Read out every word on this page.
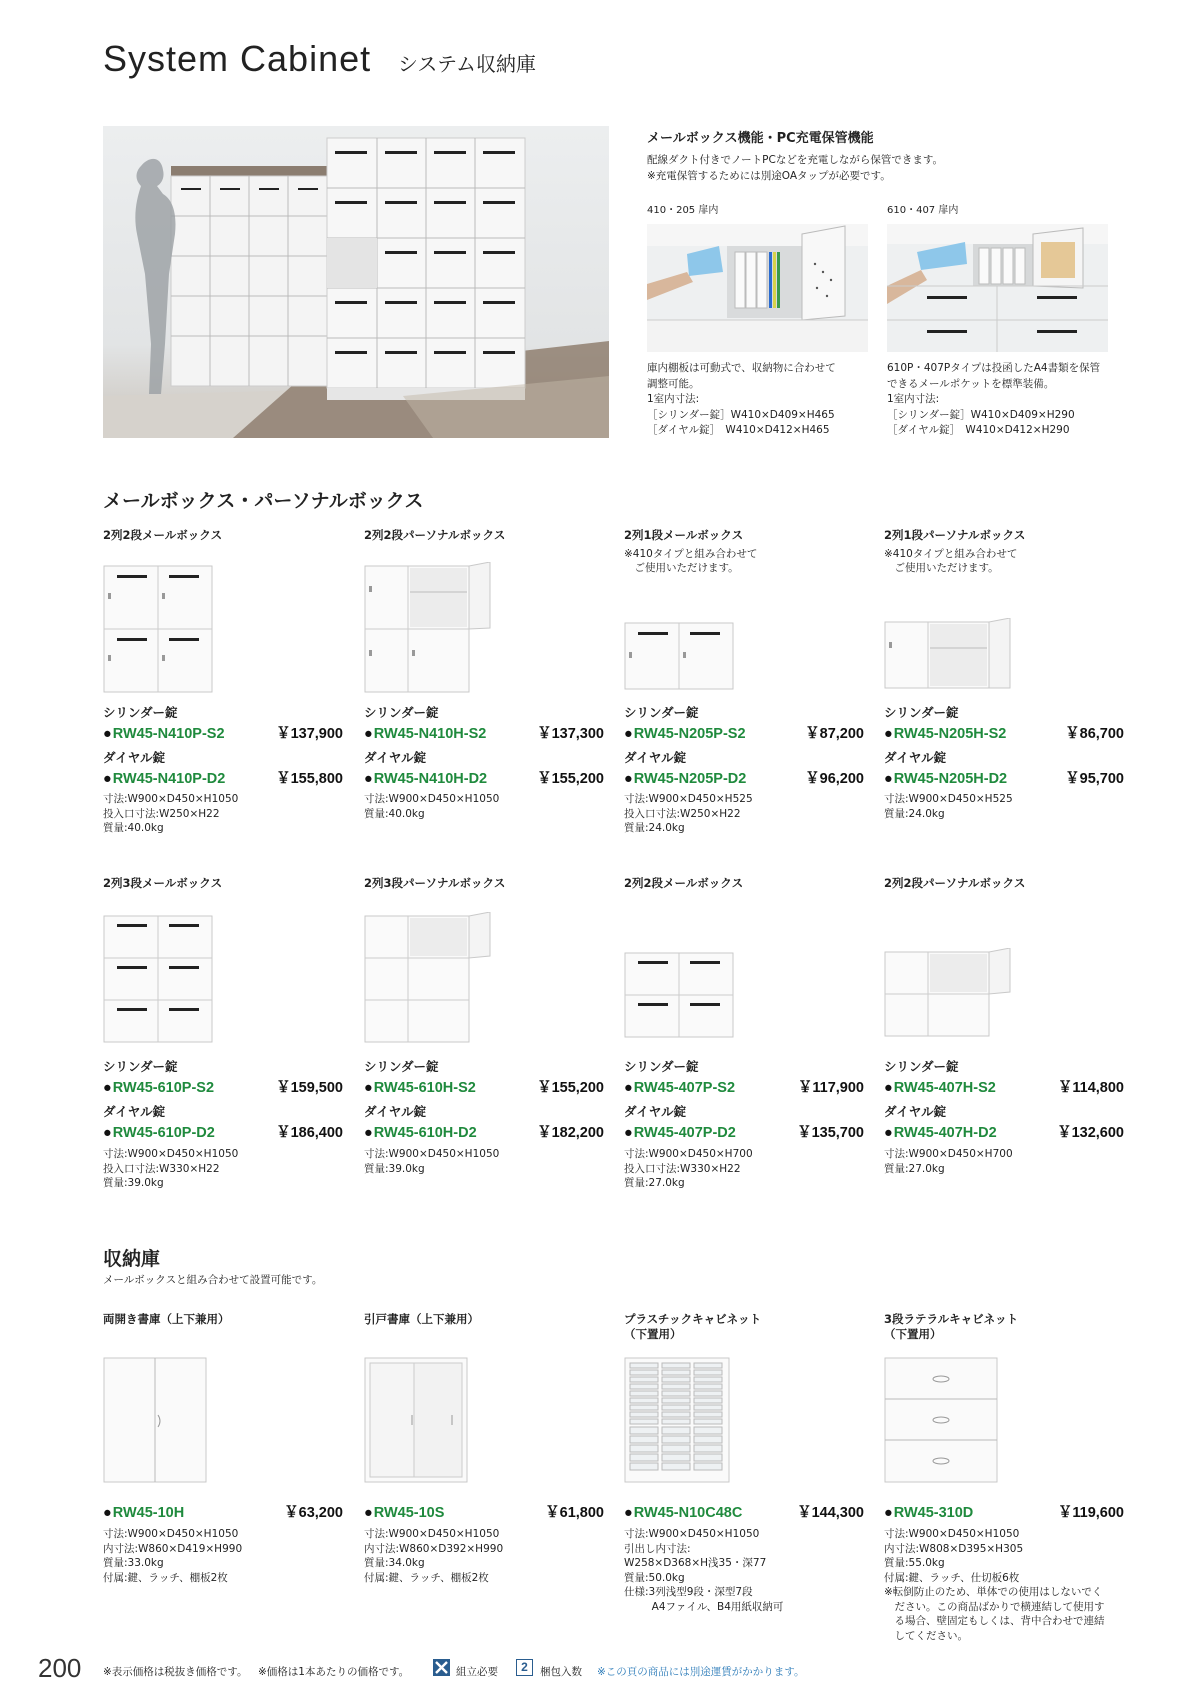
System Cabinet システム収納庫
メールボックス機能・PC充電保管機能
配線ダクト付きでノートPCなどを充電しながら保管できます。
※充電保管するためには別途OAタップが必要です。
410・205 扉内	610・407 扉内
庫内棚板は可動式で、収納物に合わせて
調整可能。
1室内寸法:
［シリンダー錠］W410×D409×H465
［ダイヤル錠］　W410×D412×H465
610P・407Pタイプは投函したA4書類を保管
できるメールポケットを標準装備。
1室内寸法:
［シリンダー錠］W410×D409×H290
［ダイヤル錠］　W410×D412×H290
メールボックス・パーソナルボックス
2列2段メールボックス	2列2段パーソナルボックス	2列1段メールボックス
※410タイプと組み合わせて
　ご使用いただけます。
2列1段パーソナルボックス
※410タイプと組み合わせて
　ご使用いただけます。
シリンダー錠
● RW45-N410P-S2	￥137,900
ダイヤル錠
● RW45-N410P-D2	￥155,800
寸法:W900×D450×H1050
投入口寸法:W250×H22
質量:40.0kg
シリンダー錠
● RW45-N410H-S2	￥137,300
ダイヤル錠
● RW45-N410H-D2	￥155,200
寸法:W900×D450×H1050
質量:40.0kg
シリンダー錠
● RW45-N205P-S2	￥87,200
ダイヤル錠
● RW45-N205P-D2	￥96,200
寸法:W900×D450×H525
投入口寸法:W250×H22
質量:24.0kg
シリンダー錠
● RW45-N205H-S2	￥86,700
ダイヤル錠
● RW45-N205H-D2	￥95,700
寸法:W900×D450×H525
質量:24.0kg
2列3段メールボックス	2列3段パーソナルボックス	2列2段メールボックス	2列2段パーソナルボックス
シリンダー錠
● RW45-610P-S2	￥159,500
ダイヤル錠
● RW45-610P-D2	￥186,400
寸法:W900×D450×H1050
投入口寸法:W330×H22
質量:39.0kg
シリンダー錠
● RW45-610H-S2	￥155,200
ダイヤル錠
● RW45-610H-D2	￥182,200
寸法:W900×D450×H1050
質量:39.0kg
シリンダー錠
● RW45-407P-S2	￥117,900
ダイヤル錠
● RW45-407P-D2	￥135,700
寸法:W900×D450×H700
投入口寸法:W330×H22
質量:27.0kg
シリンダー錠
● RW45-407H-S2	￥114,800
ダイヤル錠
● RW45-407H-D2	￥132,600
寸法:W900×D450×H700
質量:27.0kg
収納庫
メールボックスと組み合わせて設置可能です。
両開き書庫（上下兼用）	引戸書庫（上下兼用）	プラスチックキャビネット
（下置用）
3段ラテラルキャビネット
（下置用）
● RW45-10H	￥63,200
寸法:W900×D450×H1050
内寸法:W860×D419×H990
質量:33.0kg
付属:鍵、ラッチ、棚板2枚
● RW45-10S	￥61,800
寸法:W900×D450×H1050
内寸法:W860×D392×H990
質量:34.0kg
付属:鍵、ラッチ、棚板2枚
● RW45-N10C48C	￥144,300
寸法:W900×D450×H1050
引出し内寸法:
W258×D368×H浅35・深77
質量:50.0kg
仕様:3列浅型9段・深型7段
　　  A4ファイル、B4用紙収納可
● RW45-310D	￥119,600
寸法:W900×D450×H1050
内寸法:W808×D395×H305
質量:55.0kg
付属:鍵、ラッチ、仕切板6枚
※転倒防止のため、単体での使用はしないでく
　ださい。この商品ばかりで横連結して使用す
　る場合、壁固定もしくは、背中合わせで連結
　してください。
200 ※表示価格は税抜き価格です。 ※価格は1本あたりの価格です。	組立必要	2	梱包入数 ※この頁の商品には別途運賃がかかります。
